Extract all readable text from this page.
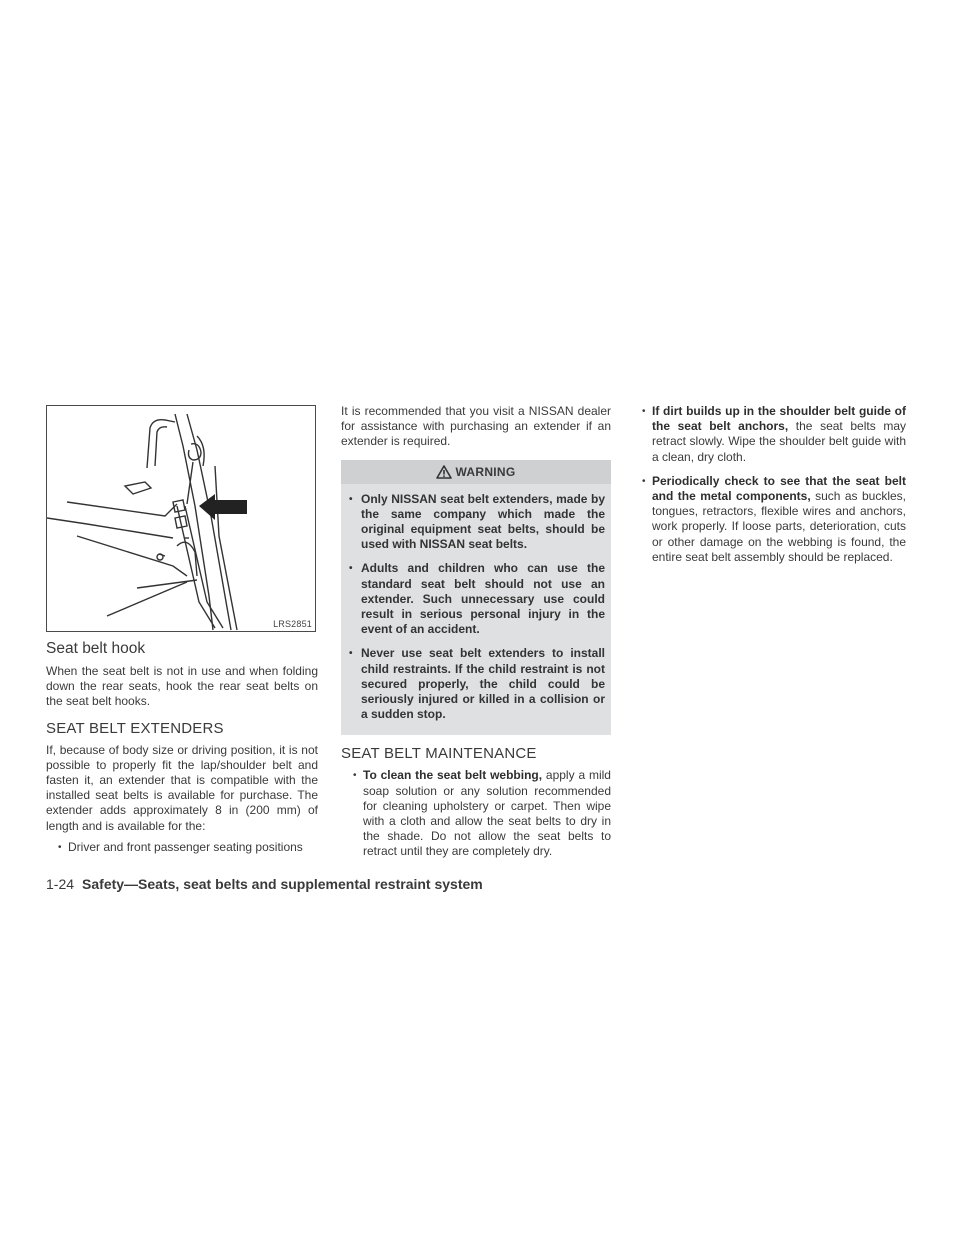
LRS2851
Seat belt hook

When the seat belt is not in use and when folding down the rear seats, hook the rear seat belts on the seat belt hooks.

SEAT BELT EXTENDERS

If, because of body size or driving position, it is not possible to properly fit the lap/shoulder belt and fasten it, an extender that is compatible with the installed seat belts is available for purchase. The extender adds approximately 8 in (200 mm) of length and is available for the:

• Driver and front passenger seating positions

It is recommended that you visit a NISSAN dealer for assistance with purchasing an extender if an extender is required.

WARNING
• Only NISSAN seat belt extenders, made by the same company which made the original equipment seat belts, should be used with NISSAN seat belts.
• Adults and children who can use the standard seat belt should not use an extender. Such unnecessary use could result in serious personal injury in the event of an accident.
• Never use seat belt extenders to install child restraints. If the child restraint is not secured properly, the child could be seriously injured or killed in a collision or a sudden stop.
SEAT BELT MAINTENANCE
• To clean the seat belt webbing, apply a mild soap solution or any solution recommended for cleaning upholstery or carpet. Then wipe with a cloth and allow the seat belts to dry in the shade. Do not allow the seat belts to retract until they are completely dry.
• If dirt builds up in the shoulder belt guide of the seat belt anchors, the seat belts may retract slowly. Wipe the shoulder belt guide with a clean, dry cloth.
• Periodically check to see that the seat belt and the metal components, such as buckles, tongues, retractors, flexible wires and anchors, work properly. If loose parts, deterioration, cuts or other damage on the webbing is found, the entire seat belt assembly should be replaced.
1-24 Safety—Seats, seat belts and supplemental restraint system
